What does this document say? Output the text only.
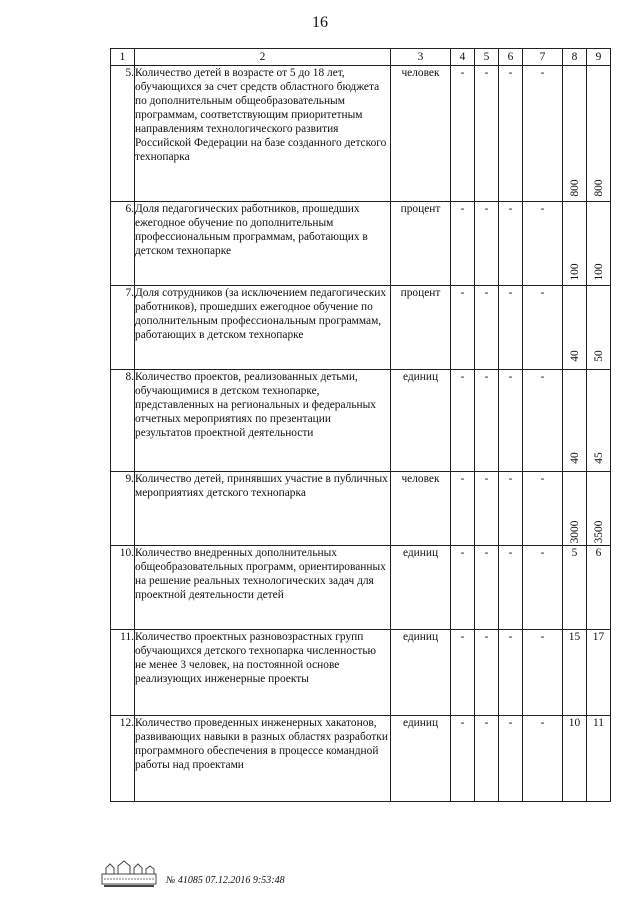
16
1	2	3	4	5	6	7	8	9
5.	Количество детей в возрасте от 5 до 18 лет, обучающихся за счет средств областного бюджета по дополнительным общеобразовательным программам, соответствующим приоритетным направлениям технологического развития Российской Федерации на базе созданного детского технопарка	человек	-	-	-	-	800	800

6.	Доля педагогических работников, прошедших ежегодное обучение по дополнительным профессиональным программам, работающих в детском технопарке	процент	-	-	-	-	100	100

7.	Доля сотрудников (за исключением педагогических работников), прошедших ежегодное обучение по дополнительным профессиональным программам, работающих в детском технопарке	процент	-	-	-	-	40	50

8.	Количество проектов, реализованных детьми, обучающимися в детском технопарке, представленных на региональных и федеральных отчетных мероприятиях по презентации результатов проектной деятельности	единиц	-	-	-	-	40	45

9.	Количество детей, принявших участие в публичных мероприятиях детского технопарка	человек	-	-	-	-	3000	3500

10.	Количество внедренных дополнительных общеобразовательных программ, ориентированных на решение реальных технологических задач для проектной деятельности детей	единиц	-	-	-	-	5	6
11.	Количество проектных разновозрастных групп обучающихся детского технопарка численностью не менее 3 человек, на постоянной основе реализующих инженерные проекты	единиц	-	-	-	-	15	17
12.	Количество проведенных инженерных хакатонов, развивающих навыки в разных областях разработки программного обеспечения в процессе командной работы над проектами	единиц	-	-	-	-	10	11
№ 41085 07.12.2016 9:53:48
